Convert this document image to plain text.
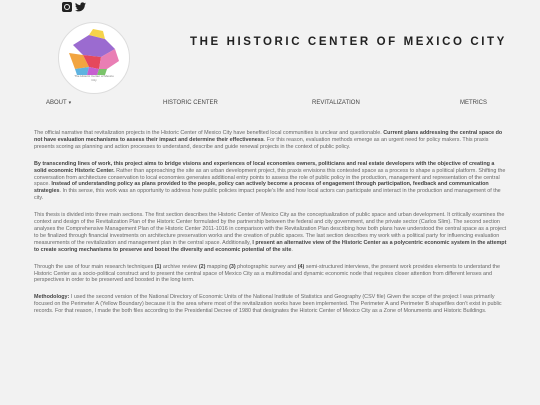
The Historic Center of Mexico City
THE HISTORIC CENTER OF MEXICO CITY
ABOUT ▾	HISTORIC CENTER	REVITALIZATION	METRICS

The official narrative that revitalization projects in the Historic Center of Mexico City have benefited local communities is unclear and questionable. Current plans addressing the central space do not have evaluation mechanisms to assess their impact and determine their effectiveness. For this reason, evaluation methods emerge as an urgent need for policy makers. This praxis presents scoring as planning and action processes to understand, describe and guide renewal projects in the context of public policy.

By transcending lines of work, this project aims to bridge visions and experiences of local economies owners, politicians and real estate developers with the objective of creating a solid economic Historic Center. Rather than approaching the site as an urban development project, this praxis envisions this contested space as a process to shape a political platform. Shifting the conversation from architecture conservation to local economies generates additional entry points to assess the role of public policy in the production, management and representation of the central space. Instead of understanding policy as plans provided to the people, policy can actively become a process of engagement through participation, feedback and communication strategies. In this sense, this work was an opportunity to address how public policies impact people's life and how local actors can participate and interact in the production and management of the city.

This thesis is divided into three main sections. The first section describes the Historic Center of Mexico City as the conceptualization of public space and urban development. It critically examines the context and design of the Revitalization Plan of the Historic Center formulated by the partnership between the federal and city government, and the private sector (Carlos Slim). The second section analyses the Comprehensive Management Plan of the Historic Center 2011-1016 in comparison with the Revitalization Plan describing how both plans have understood the central space as a project to be finalized through financial investments on architecture preservation works and the creation of public spaces. The last section describes my work with a political party for influencing evaluation measurements of the revitalization and management plan in the central space. Additionally, I present an alternative view of the Historic Center as a polycentric economic system in the attempt to create scoring mechanisms to preserve and boost the diversity and economic potential of the site.

Through the use of four main research techniques (1) archive review (2) mapping (3) photographic survey and (4) semi-structured interviews, the present work provides elements to understand the Historic Center as a socio-political construct and to present the central space of Mexico City as a multimodal and dynamic economic node that requires closer attention from different lenses and perspectives in order to be preserved and boosted in the long term.

Methodology: I used the second version of the National Directory of Economic Units of the National Institute of Statistics and Geography (CSV file) Given the scope of the project I was primarily focused on the Perimeter A (Yellow Boundary) because it is the area where most of the revitalization works have been implemented. The Perimeter A and Perimeter B shapefiles don't exist in public records. For that reason, I made the both files according to the Presidential Decree of 1980 that designates the Historic Center of Mexico City as a Zone of Monuments and Historic Buildings.
